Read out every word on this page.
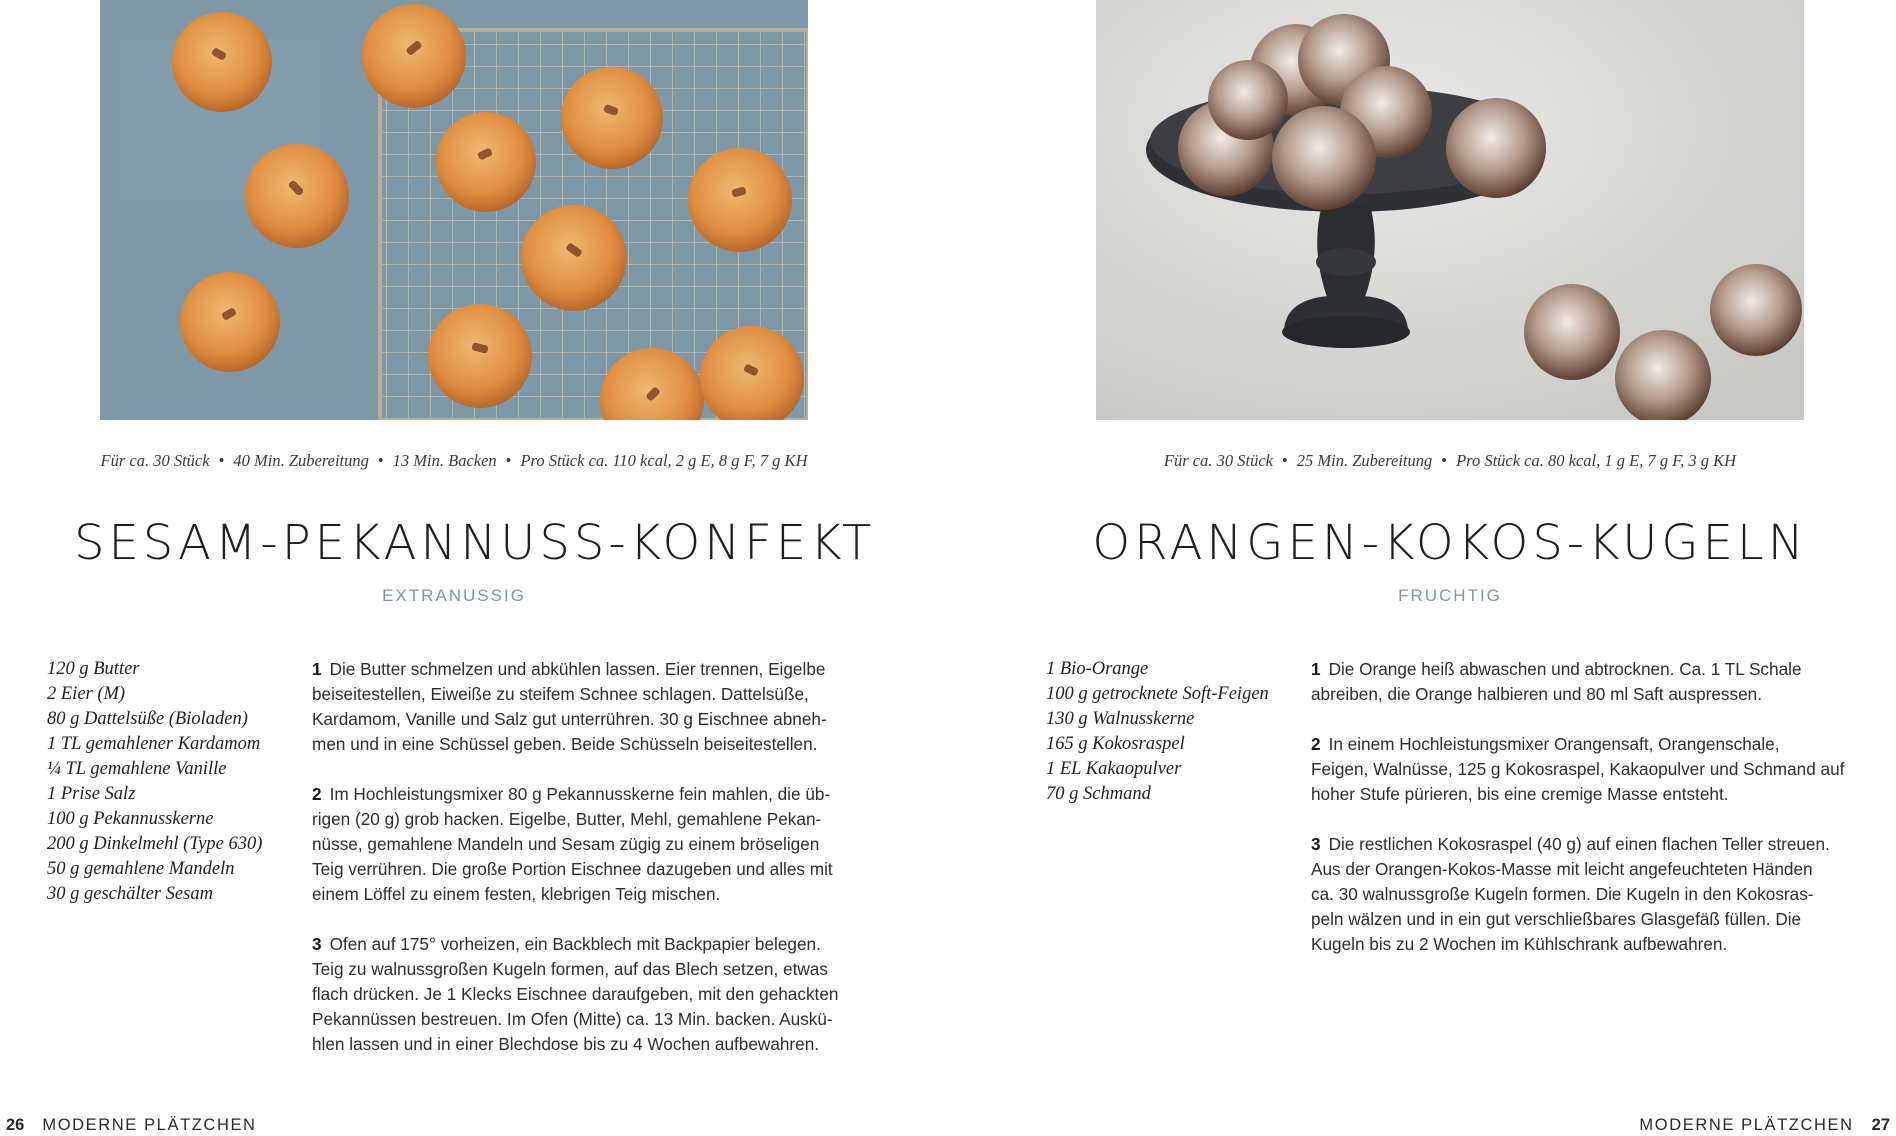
Für ca. 30 Stück • 40 Min. Zubereitung • 13 Min. Backen • Pro Stück ca. 110 kcal, 2 g E, 8 g F, 7 g KH
SESAM-PEKANNUSS-KONFEKT
EXTRANUSSIG
120 g Butter
2 Eier (M)
80 g Dattelsüße (Bioladen)
1 TL gemahlener Kardamom
¼ TL gemahlene Vanille
1 Prise Salz
100 g Pekannusskerne
200 g Dinkelmehl (Type 630)
50 g gemahlene Mandeln
30 g geschälter Sesam

1 Die Butter schmelzen und abkühlen lassen. Eier trennen, Eigelbe
beiseitestellen, Eiweiße zu steifem Schnee schlagen. Dattelsüße,
Kardamom, Vanille und Salz gut unterrühren. 30 g Eischnee abneh-
men und in eine Schüssel geben. Beide Schüsseln beiseitestellen.

2 Im Hochleistungsmixer 80 g Pekannusskerne fein mahlen, die üb-
rigen (20 g) grob hacken. Eigelbe, Butter, Mehl, gemahlene Pekan-
nüsse, gemahlene Mandeln und Sesam zügig zu einem bröseligen
Teig verrühren. Die große Portion Eischnee dazugeben und alles mit
einem Löffel zu einem festen, klebrigen Teig mischen.

3 Ofen auf 175° vorheizen, ein Backblech mit Backpapier belegen.
Teig zu walnussgroßen Kugeln formen, auf das Blech setzen, etwas
flach drücken. Je 1 Klecks Eischnee daraufgeben, mit den gehackten
Pekannüssen bestreuen. Im Ofen (Mitte) ca. 13 Min. backen. Auskü-
hlen lassen und in einer Blechdose bis zu 4 Wochen aufbewahren.

26 MODERNE PLÄTZCHEN
Für ca. 30 Stück • 25 Min. Zubereitung • Pro Stück ca. 80 kcal, 1 g E, 7 g F, 3 g KH
ORANGEN-KOKOS-KUGELN
FRUCHTIG
1 Bio-Orange
100 g getrocknete Soft-Feigen
130 g Walnusskerne
165 g Kokosraspel
1 EL Kakaopulver
70 g Schmand

1 Die Orange heiß abwaschen und abtrocknen. Ca. 1 TL Schale
abreiben, die Orange halbieren und 80 ml Saft auspressen.

2 In einem Hochleistungsmixer Orangensaft, Orangenschale,
Feigen, Walnüsse, 125 g Kokosraspel, Kakaopulver und Schmand auf
hoher Stufe pürieren, bis eine cremige Masse entsteht.

3 Die restlichen Kokosraspel (40 g) auf einen flachen Teller streuen.
Aus der Orangen-Kokos-Masse mit leicht angefeuchteten Händen
ca. 30 walnussgroße Kugeln formen. Die Kugeln in den Kokosras-
peln wälzen und in ein gut verschließbares Glasgefäß füllen. Die
Kugeln bis zu 2 Wochen im Kühlschrank aufbewahren.

MODERNE PLÄTZCHEN 27
